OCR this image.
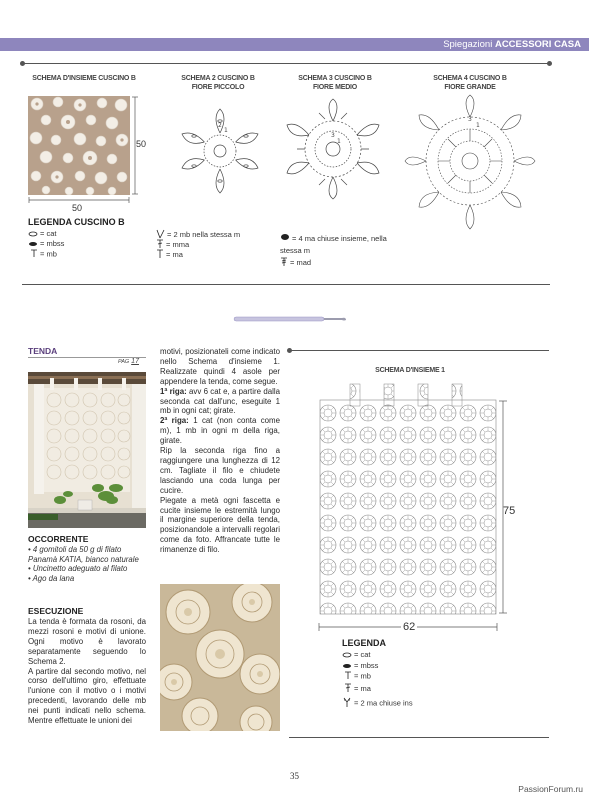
Spiegazioni ACCESSORI CASA
SCHEMA D'INSIEME CUSCINO B	SCHEMA 2 CUSCINO B
FIORE PICCOLO
SCHEMA 3 CUSCINO B
FIORE MEDIO
SCHEMA 4 CUSCINO B
FIORE GRANDE
50
50
2
1
3
1
3
1
LEGENDA CUSCINO B
= cat
= mbss
= mb
= 2 mb nella stessa m
= mma
= ma
= 4 ma chiuse insieme, nella stessa m
= mad
TENDA
PAG 17
OCCORRENTE
• 4 gomitoli da 50 g di filato Panamà KATIA, bianco naturale
• Uncinetto adeguato al filato
• Ago da lana
ESECUZIONE

La tenda è formata da rosoni, da mezzi rosoni e motivi di unione. Ogni motivo è lavorato separatamente seguendo lo Schema 2.

A partire dal secondo motivo, nel corso dell'ultimo giro, effettuate l'unione con il motivo o i motivi precedenti, lavorando delle mb nei punti indicati nello schema. Mentre effettuate le unioni dei

motivi, posizionateli come indicato nello Schema d'insieme 1. Realizzate quindi 4 asole per appendere la tenda, come segue.

1ª riga: avv 6 cat e, a partire dalla seconda cat dall'unc, eseguite 1 mb in ogni cat; girate.

2ª riga: 1 cat (non conta come m), 1 mb in ogni m della riga, girate.

Rip la seconda riga fino a raggiungere una lunghezza di 12 cm. Tagliate il filo e chiudete lasciando una coda lunga per cucire.

Piegate a metà ogni fascetta e cucite insieme le estremità lungo il margine superiore della tenda, posizionandole a intervalli regolari come da foto. Affrancate tutte le rimanenze di filo.

SCHEMA D'INSIEME 1
75
62
LEGENDA
= cat
= mbss
= mb
= ma
= 2 ma chiuse ins
35
PassionForum.ru
